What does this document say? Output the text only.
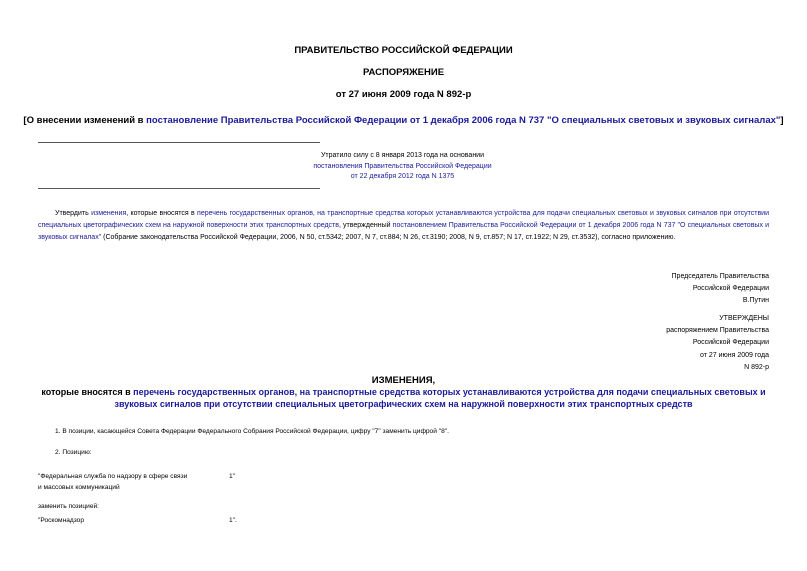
ПРАВИТЕЛЬСТВО РОССИЙСКОЙ ФЕДЕРАЦИИ
РАСПОРЯЖЕНИЕ
от 27 июня 2009 года N 892-р
[О внесении изменений в постановление Правительства Российской Федерации от 1 декабря 2006 года N 737 "О специальных световых и звуковых сигналах"]
Утратило силу с 8 января 2013 года на основании
постановления Правительства Российской Федерации
от 22 декабря 2012 года N 1375
Утвердить изменения, которые вносятся в перечень государственных органов, на транспортные средства которых устанавливаются устройства для подачи специальных световых и звуковых сигналов при отсутствии специальных цветографических схем на наружной поверхности этих транспортных средств, утвержденный постановлением Правительства Российской Федерации от 1 декабря 2006 года N 737 "О специальных световых и звуковых сигналах" (Собрание законодательства Российской Федерации, 2006, N 50, ст.5342; 2007, N 7, ст.884; N 26, ст.3190; 2008, N 9, ст.857; N 17, ст.1922; N 29, ст.3532), согласно приложению.
Председатель Правительства
Российской Федерации
В.Путин
УТВЕРЖДЕНЫ
распоряжением Правительства
Российской Федерации
от 27 июня 2009 года
N 892-р
ИЗМЕНЕНИЯ,
которые вносятся в перечень государственных органов, на транспортные средства которых устанавливаются устройства для подачи специальных световых и звуковых сигналов при отсутствии специальных цветографических схем на наружной поверхности этих транспортных средств
1. В позиции, касающейся Совета Федерации Федерального Собрания Российской Федерации, цифру "7" заменить цифрой "8".
2. Позицию:
"Федеральная служба по надзору в сфере связи
и массовых коммуникаций
1"
заменить позицией:
"Роскомнадзор	1".
